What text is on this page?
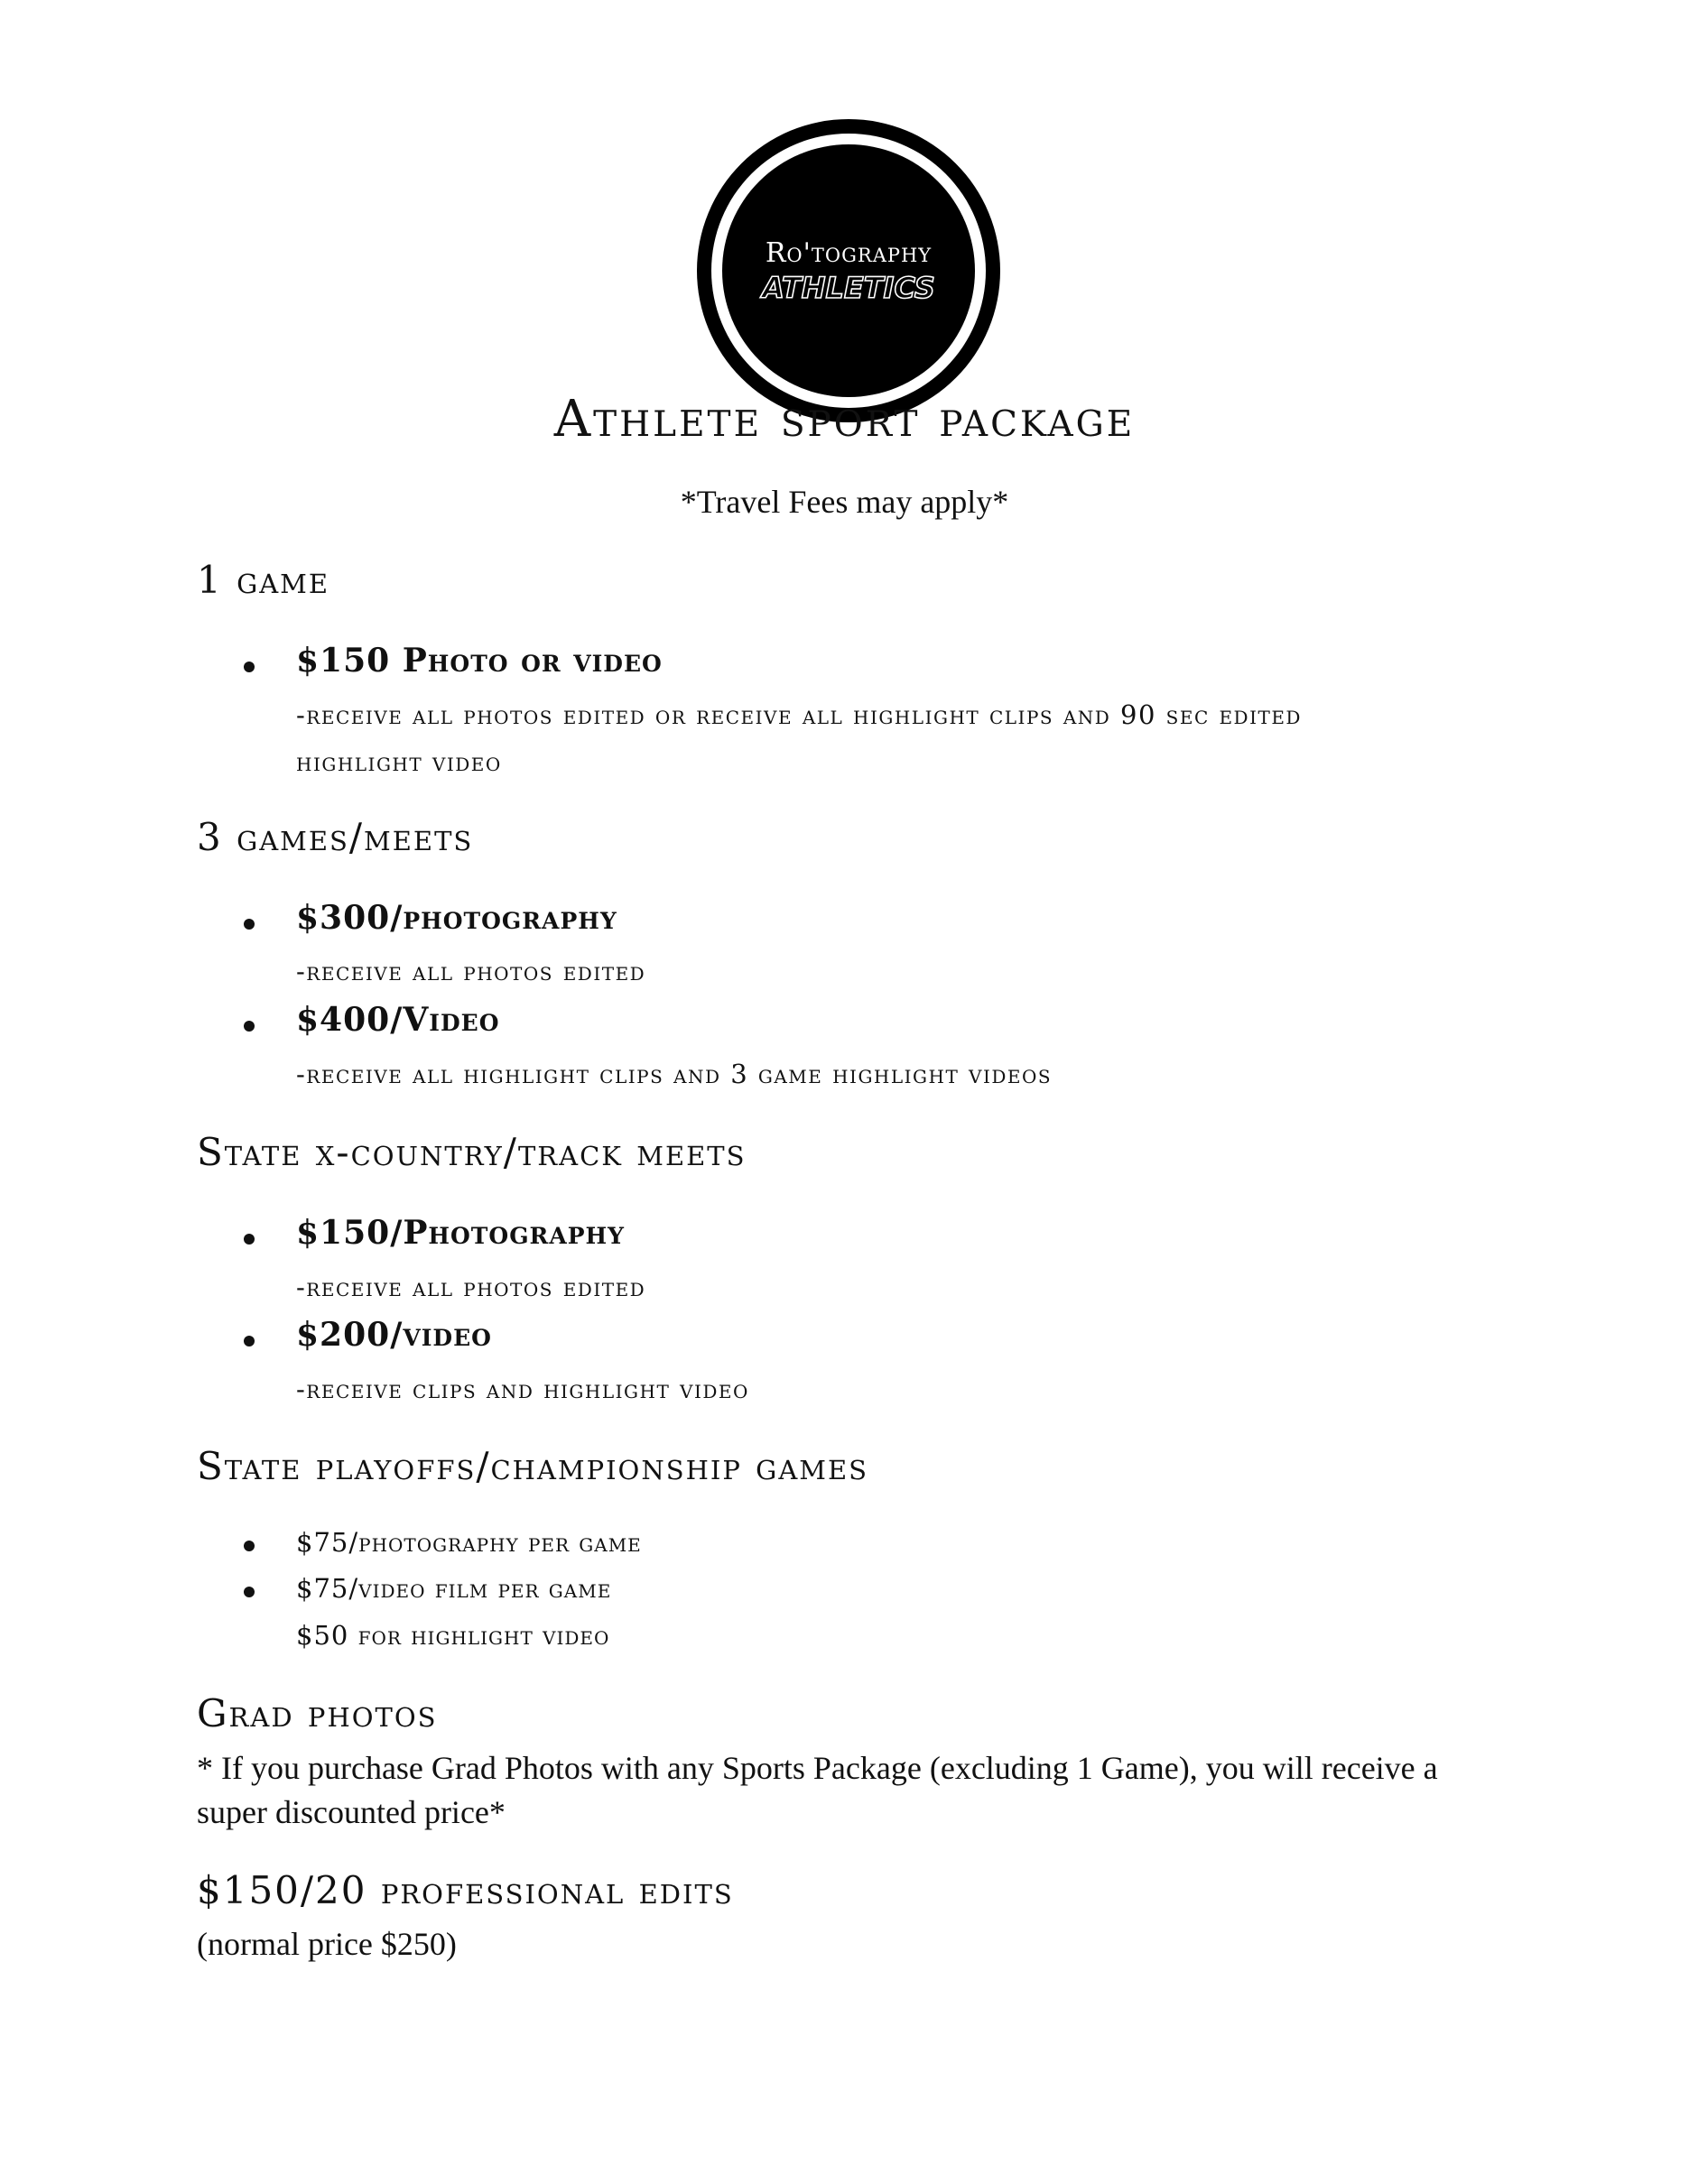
Ro'tography
ATHLETICS
Athlete sport package

*Travel Fees may apply*

1 game

$150 Photo or video

-receive all photos edited or receive all highlight clips and 90 sec edited
highlight video

3 games/meets

$300/photography

-receive all photos edited

$400/Video

-receive all highlight clips and 3 game highlight videos

State x-country/track meets

$150/Photography

-receive all photos edited

$200/video

-receive clips and highlight video

State playoffs/championship games

$75/photography per game

$75/video film per game

$50 for highlight video

Grad photos

* If you purchase Grad Photos with any Sports Package (excluding 1 Game), you will receive a
super discounted price*

$150/20 professional edits

(normal price $250)
